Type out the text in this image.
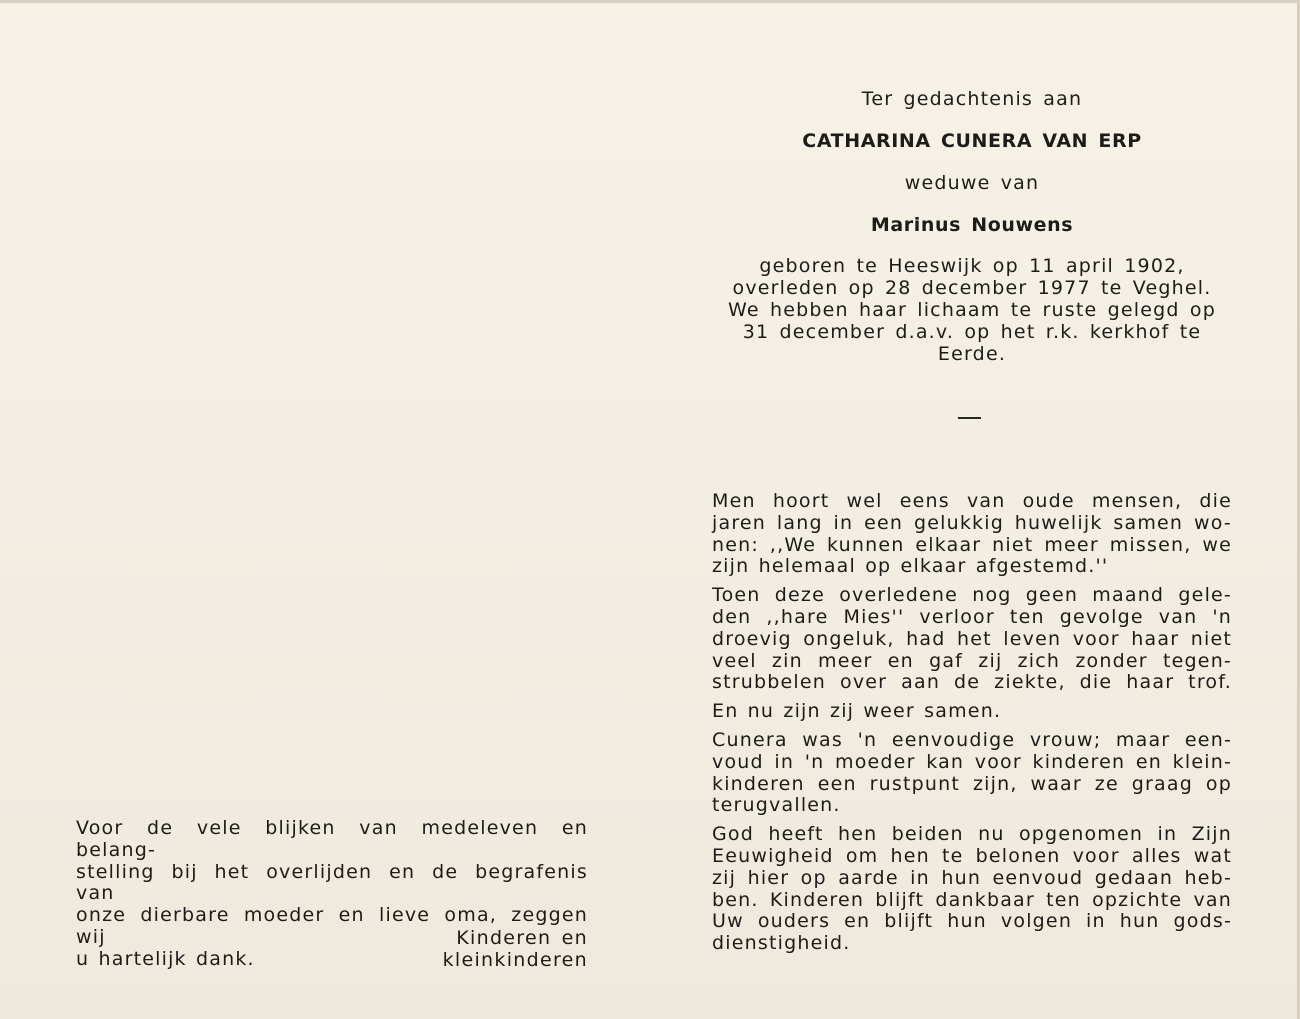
Voor de vele blijken van medeleven en belang-
stelling bij het overlijden en de begrafenis van
onze dierbare moeder en lieve oma, zeggen wij
u hartelijk dank.
Kinderen en kleinkinderen
Ter gedachtenis aan
CATHARINA CUNERA VAN ERP
weduwe van
Marinus Nouwens
geboren te Heeswijk op 11 april 1902,
overleden op 28 december 1977 te Veghel.
We hebben haar lichaam te ruste gelegd op
31 december d.a.v. op het r.k. kerkhof te Eerde.
Men hoort wel eens van oude mensen, die
jaren lang in een gelukkig huwelijk samen wo-
nen: ,,We kunnen elkaar niet meer missen, we
zijn helemaal op elkaar afgestemd.''
Toen deze overledene nog geen maand gele-
den ,,hare Mies'' verloor ten gevolge van 'n
droevig ongeluk, had het leven voor haar niet
veel zin meer en gaf zij zich zonder tegen-
strubbelen over aan de ziekte, die haar trof.
En nu zijn zij weer samen.
Cunera was 'n eenvoudige vrouw; maar een-
voud in 'n moeder kan voor kinderen en klein-
kinderen een rustpunt zijn, waar ze graag op
terugvallen.
God heeft hen beiden nu opgenomen in Zijn
Eeuwigheid om hen te belonen voor alles wat
zij hier op aarde in hun eenvoud gedaan heb-
ben. Kinderen blijft dankbaar ten opzichte van
Uw ouders en blijft hun volgen in hun gods-
dienstigheid.
